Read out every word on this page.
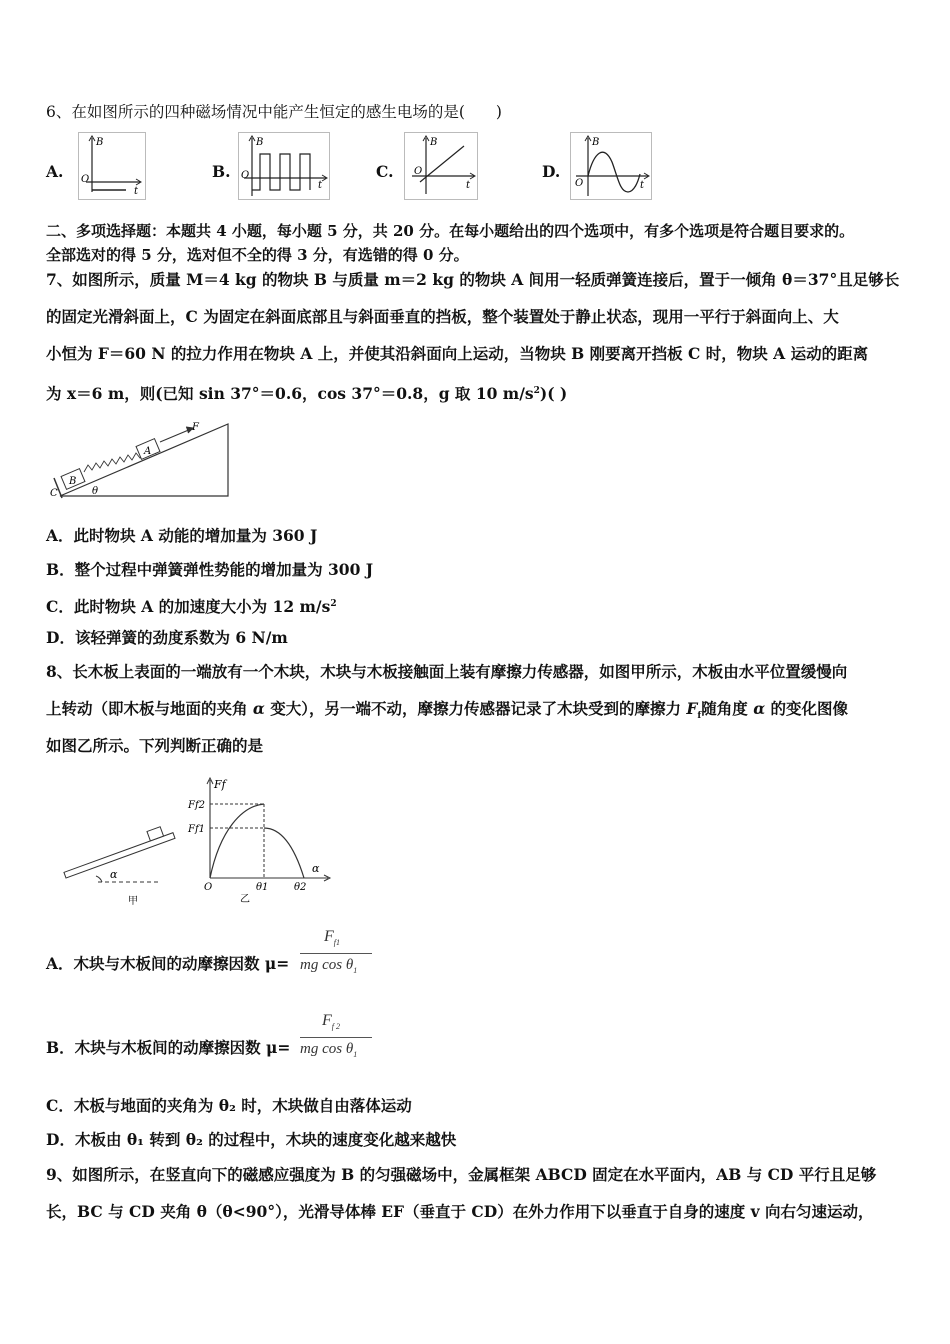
6、在如图所示的四种磁场情况中能产生恒定的感生电场的是(　　)
A.
B
O
t
B.
B
O
t
C.
B
O
t
D.
B
O	t
二、多项选择题：本题共 4 小题，每小题 5 分，共 20 分。在每小题给出的四个选项中，有多个选项是符合题目要求的。
全部选对的得 5 分，选对但不全的得 3 分，有选错的得 0 分。
7、如图所示，质量 M＝4 kg 的物块 B 与质量 m＝2 kg 的物块 A 间用一轻质弹簧连接后，置于一倾角 θ＝37°且足够长
的固定光滑斜面上，C 为固定在斜面底部且与斜面垂直的挡板，整个装置处于静止状态，现用一平行于斜面向上、大
小恒为 F＝60 N 的拉力作用在物块 A 上，并使其沿斜面向上运动，当物块 B 刚要离开挡板 C 时，物块 A 运动的距离
为 x＝6 m，则(已知 sin 37°＝0.6，cos 37°＝0.8，g 取 10 $m/s^2$)( )
F
A
B
C	θ
A．此时物块 A 动能的增加量为 360 J
B．整个过程中弹簧弹性势能的增加量为 300 J
C．此时物块 A 的加速度大小为 12 $m/s^2$
D．该轻弹簧的劲度系数为 6 N/m
8、长木板上表面的一端放有一个木块，木块与木板接触面上装有摩擦力传感器，如图甲所示，木板由水平位置缓慢向
上转动（即木板与地面的夹角 α 变大），另一端不动，摩擦力传感器记录了木块受到的摩擦力 $F_f$随角度 α 的变化图像
如图乙所示。下列判断正确的是
α
甲
Ff
Ff2
Ff1
O	θ1	θ2
α
乙
A．木块与木板间的动摩擦因数 μ=
$F_{f1}$
mg $\cos \theta_1$
B．木块与木板间的动摩擦因数 μ=
$F_{f 2}$
mg $\cos \theta_1$
C．木板与地面的夹角为 θ₂ 时，木块做自由落体运动
D．木板由 θ₁ 转到 θ₂ 的过程中，木块的速度变化越来越快
9、如图所示，在竖直向下的磁感应强度为 B 的匀强磁场中，金属框架 ABCD 固定在水平面内，AB 与 CD 平行且足够
长，BC 与 CD 夹角 θ（θ<90°），光滑导体棒 EF（垂直于 CD）在外力作用下以垂直于自身的速度 v 向右匀速运动，
